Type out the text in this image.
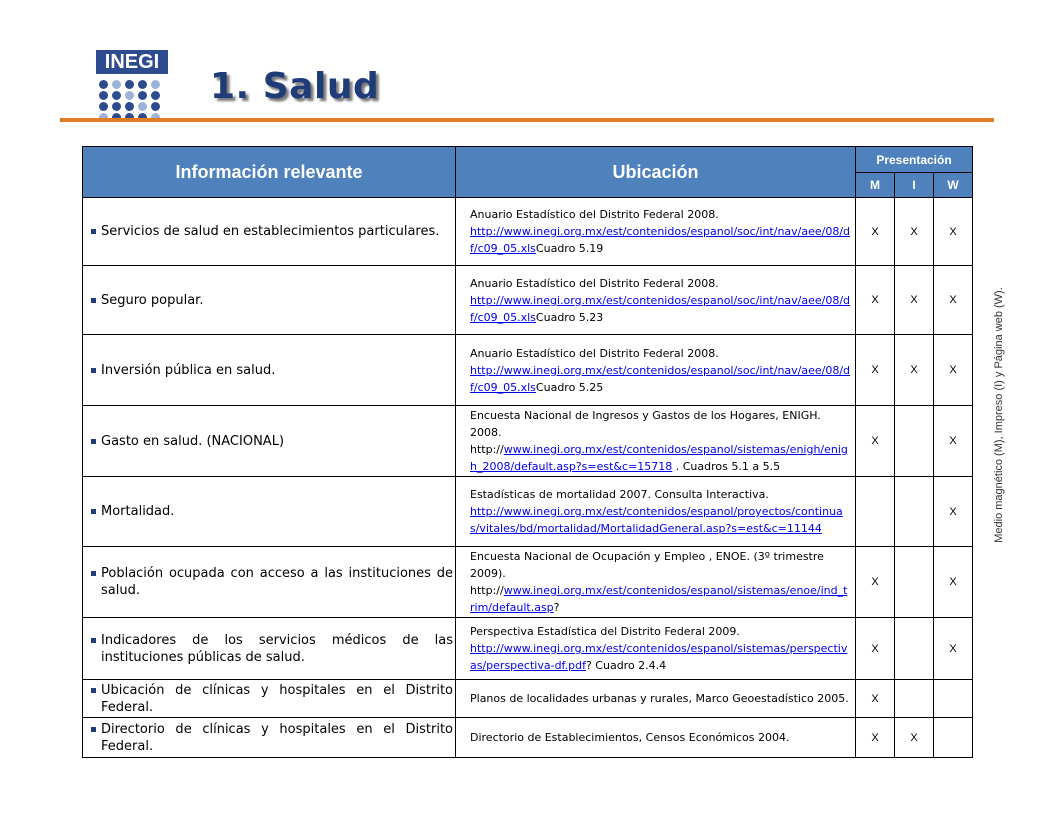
INEGI
1. Salud
Información relevante	Ubicación	Presentación		
		M	I	W

Servicios de salud en establecimientos particulares.	Anuario Estadístico del Distrito Federal 2008.
http://www.inegi.org.mx/est/contenidos/espanol/soc/int/nav/aee/08/df/c09_05.xlsCuadro 5.19	X	X	X

Seguro popular.	Anuario Estadístico del Distrito Federal 2008.
http://www.inegi.org.mx/est/contenidos/espanol/soc/int/nav/aee/08/df/c09_05.xlsCuadro 5.23	X	X	X

Inversión pública en salud.	Anuario Estadístico del Distrito Federal 2008.
http://www.inegi.org.mx/est/contenidos/espanol/soc/int/nav/aee/08/df/c09_05.xlsCuadro 5.25	X	X	X

Gasto en salud. (NACIONAL)	Encuesta Nacional de Ingresos y Gastos de los Hogares, ENIGH. 2008.
http://www.inegi.org.mx/est/contenidos/espanol/sistemas/enigh/enigh_2008/default.asp?s=est&c=15718 . Cuadros 5.1 a 5.5	X		X

Mortalidad.	Estadísticas de mortalidad 2007. Consulta Interactiva.
http://www.inegi.org.mx/est/contenidos/espanol/proyectos/continuas/vitales/bd/mortalidad/MortalidadGeneral.asp?s=est&c=11144			X

Población ocupada con acceso a las instituciones de salud.	Encuesta Nacional de Ocupación y Empleo , ENOE. (3º trimestre 2009).
http://www.inegi.org.mx/est/contenidos/espanol/sistemas/enoe/ind_trim/default.asp?	X		X

Indicadores de los servicios médicos de las instituciones públicas de salud.	Perspectiva Estadística del Distrito Federal 2009.
http://www.inegi.org.mx/est/contenidos/espanol/sistemas/perspectivas/perspectiva-df.pdf? Cuadro 2.4.4	X		X

Ubicación de clínicas y hospitales en el Distrito Federal.	Planos de localidades urbanas y rurales, Marco Geoestadístico 2005.	X		

Directorio de clínicas y hospitales en el Distrito Federal.	Directorio de Establecimientos, Censos Económicos 2004.	X	X	
Medio magnético (M), Impreso (I) y Página web (W).
